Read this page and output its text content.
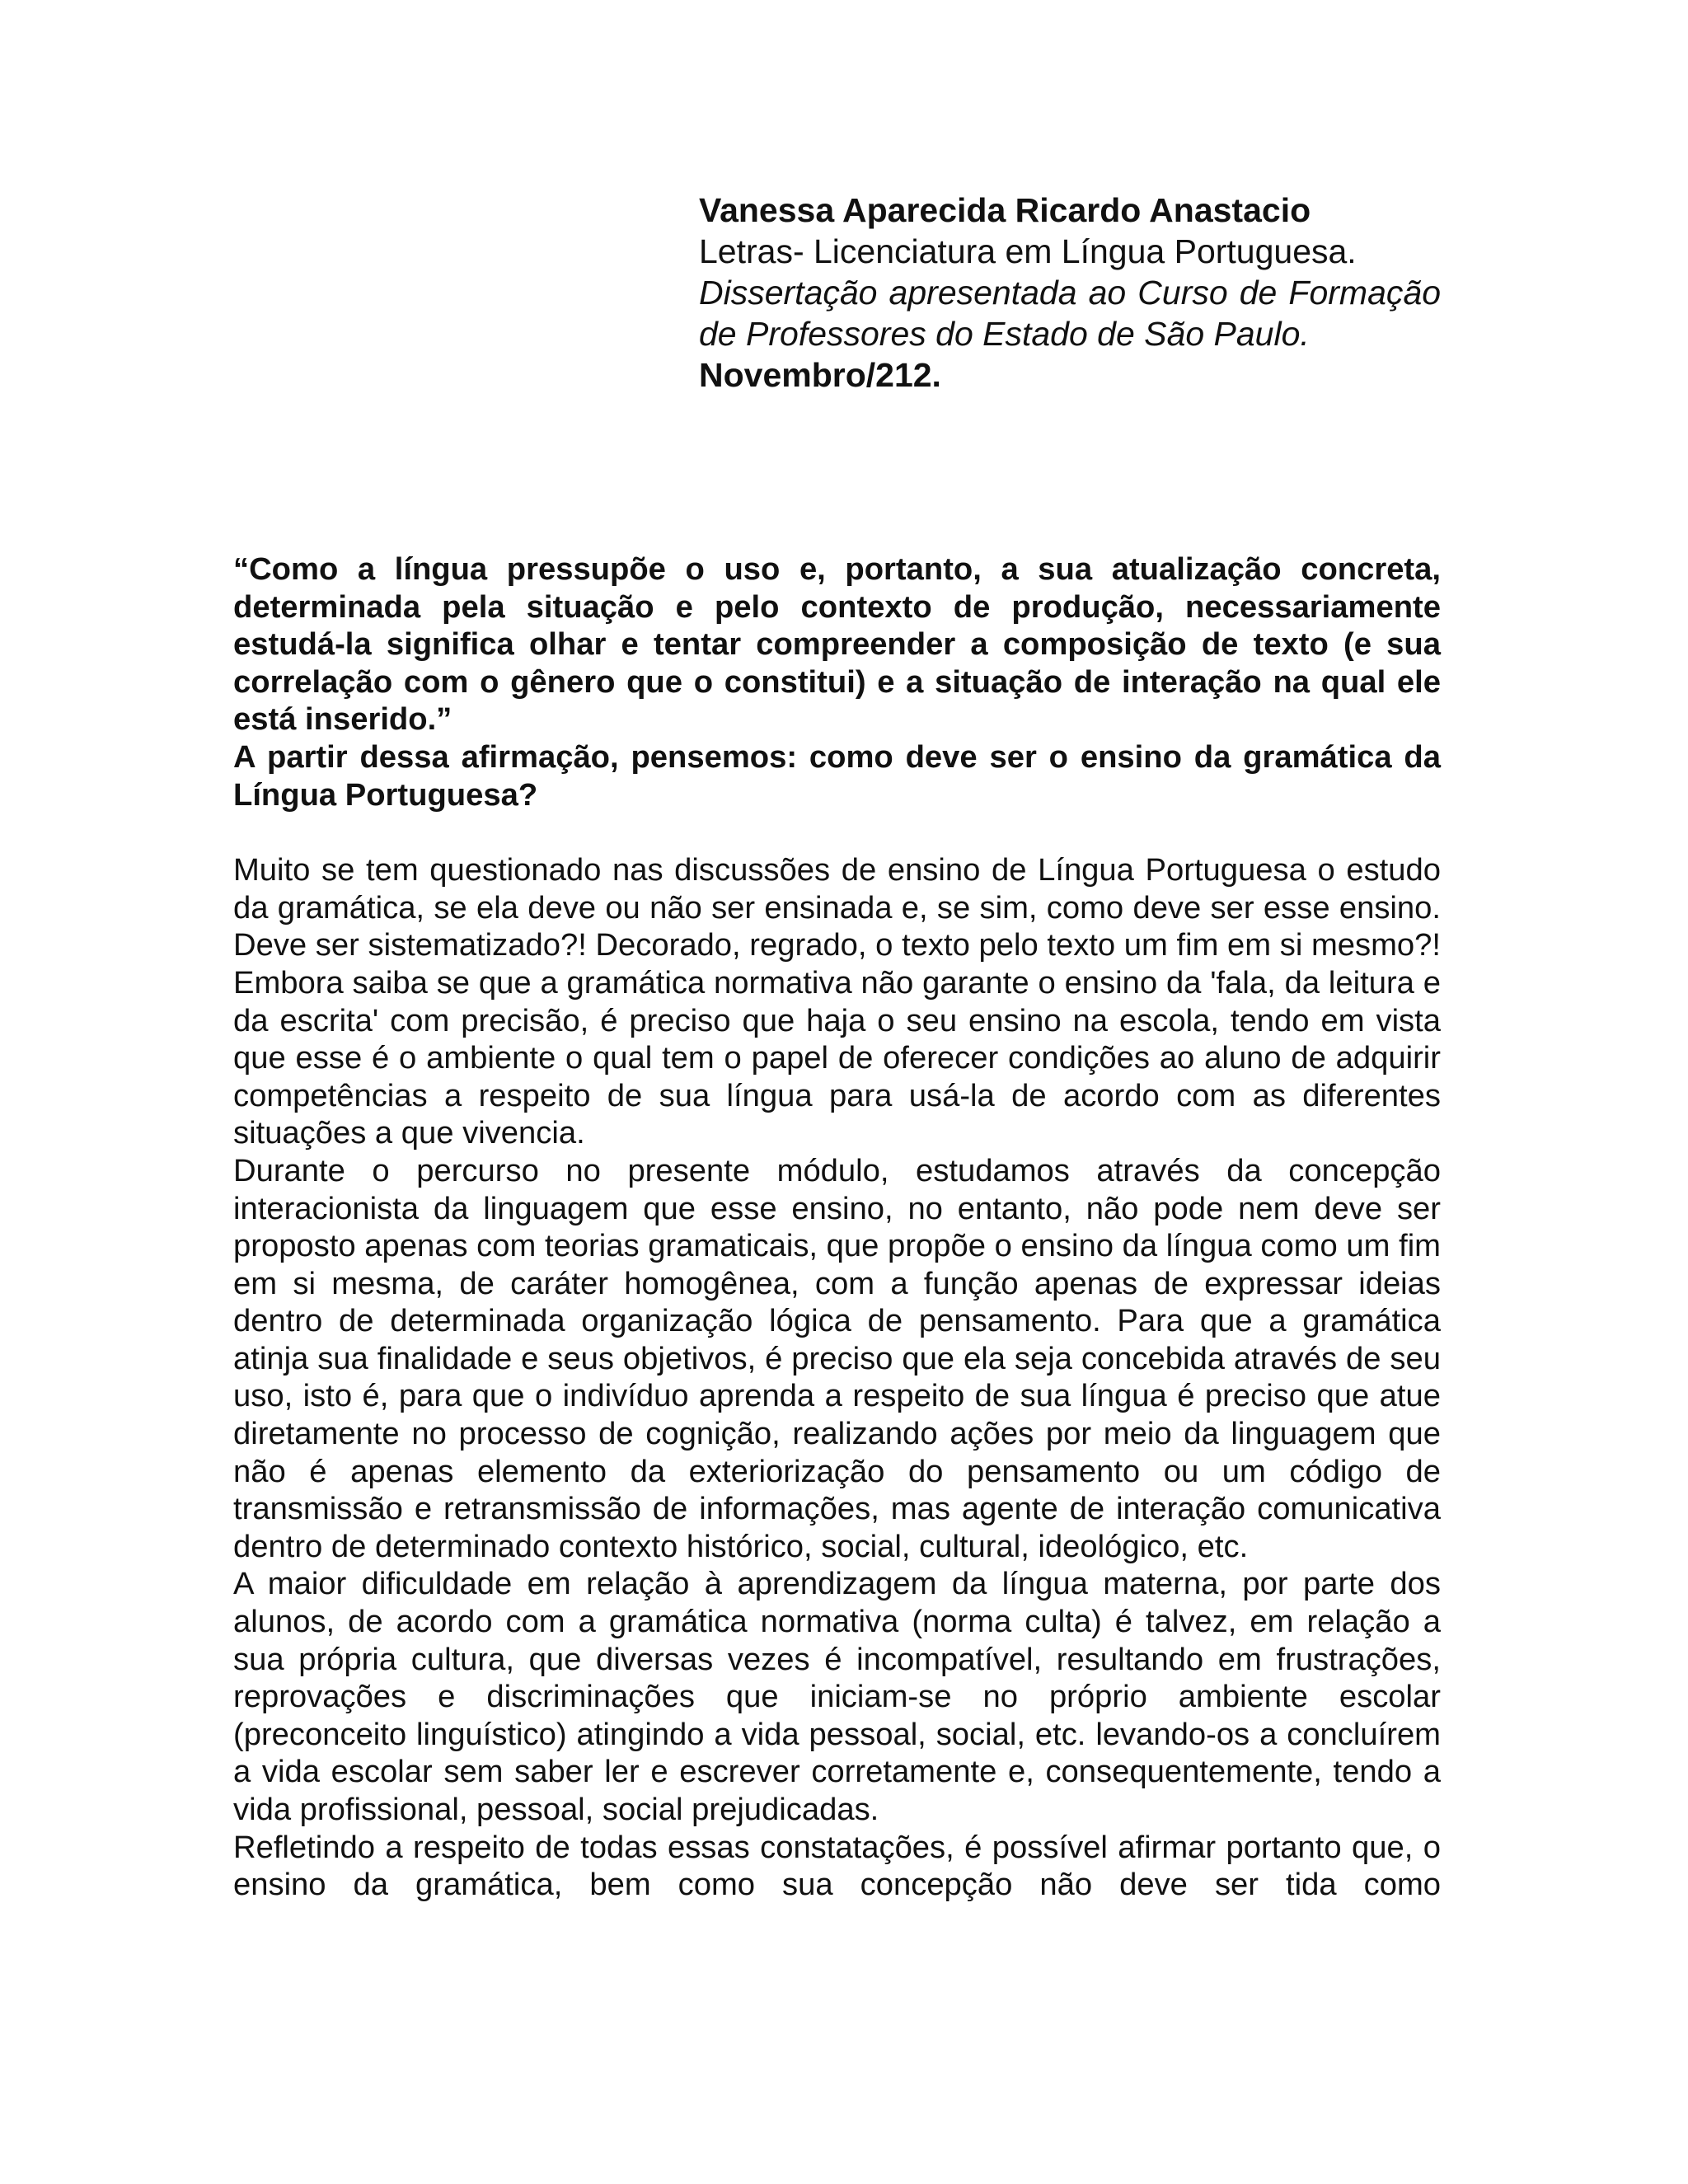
Vanessa Aparecida Ricardo Anastacio
Letras- Licenciatura em Língua Portuguesa.
Dissertação apresentada ao Curso de Formação de Professores do Estado de São Paulo.
Novembro/212.

“Como a língua pressupõe o uso e, portanto, a sua atualização concreta, determinada pela situação e pelo contexto de produção, necessariamente estudá-la significa olhar e tentar compreender a composição de texto (e sua correlação com o gênero que o constitui) e a situação de interação na qual ele está inserido.”

A partir dessa afirmação, pensemos: como deve ser o ensino da gramática da Língua Portuguesa?

Muito se tem questionado nas discussões de ensino de Língua Portuguesa o estudo da gramática, se ela deve ou não ser ensinada e, se sim, como deve ser esse ensino. Deve ser sistematizado?! Decorado, regrado, o texto pelo texto um fim em si mesmo?! Embora saiba se que a gramática normativa não garante o ensino da 'fala, da leitura e da escrita' com precisão, é preciso que haja o seu ensino na escola, tendo em vista que esse é o ambiente o qual tem o papel de oferecer condições ao aluno de adquirir competências a respeito de sua língua para usá-la de acordo com as diferentes situações a que vivencia.

Durante o percurso no presente módulo, estudamos através da concepção interacionista da linguagem que esse ensino, no entanto, não pode nem deve ser proposto apenas com teorias gramaticais, que propõe o ensino da língua como um fim em si mesma, de caráter homogênea, com a função apenas de expressar ideias dentro de determinada organização lógica de pensamento. Para que a gramática atinja sua finalidade e seus objetivos, é preciso que ela seja concebida através de seu uso, isto é, para que o indivíduo aprenda a respeito de sua língua é preciso que atue diretamente no processo de cognição, realizando ações por meio da linguagem que não é apenas elemento da exteriorização do pensamento ou um código de transmissão e retransmissão de informações, mas agente de interação comunicativa dentro de determinado contexto histórico, social, cultural, ideológico, etc.

A maior dificuldade em relação à aprendizagem da língua materna, por parte dos alunos, de acordo com a gramática normativa (norma culta) é talvez, em relação a sua própria cultura, que diversas vezes é incompatível, resultando em frustrações, reprovações e discriminações que iniciam-se no próprio ambiente escolar (preconceito linguístico) atingindo a vida pessoal, social, etc. levando-os a concluírem a vida escolar sem saber ler e escrever corretamente e, consequentemente, tendo a vida profissional, pessoal, social prejudicadas.

Refletindo a respeito de todas essas constatações, é possível afirmar portanto que, o ensino da gramática, bem como sua concepção não deve ser tida como
